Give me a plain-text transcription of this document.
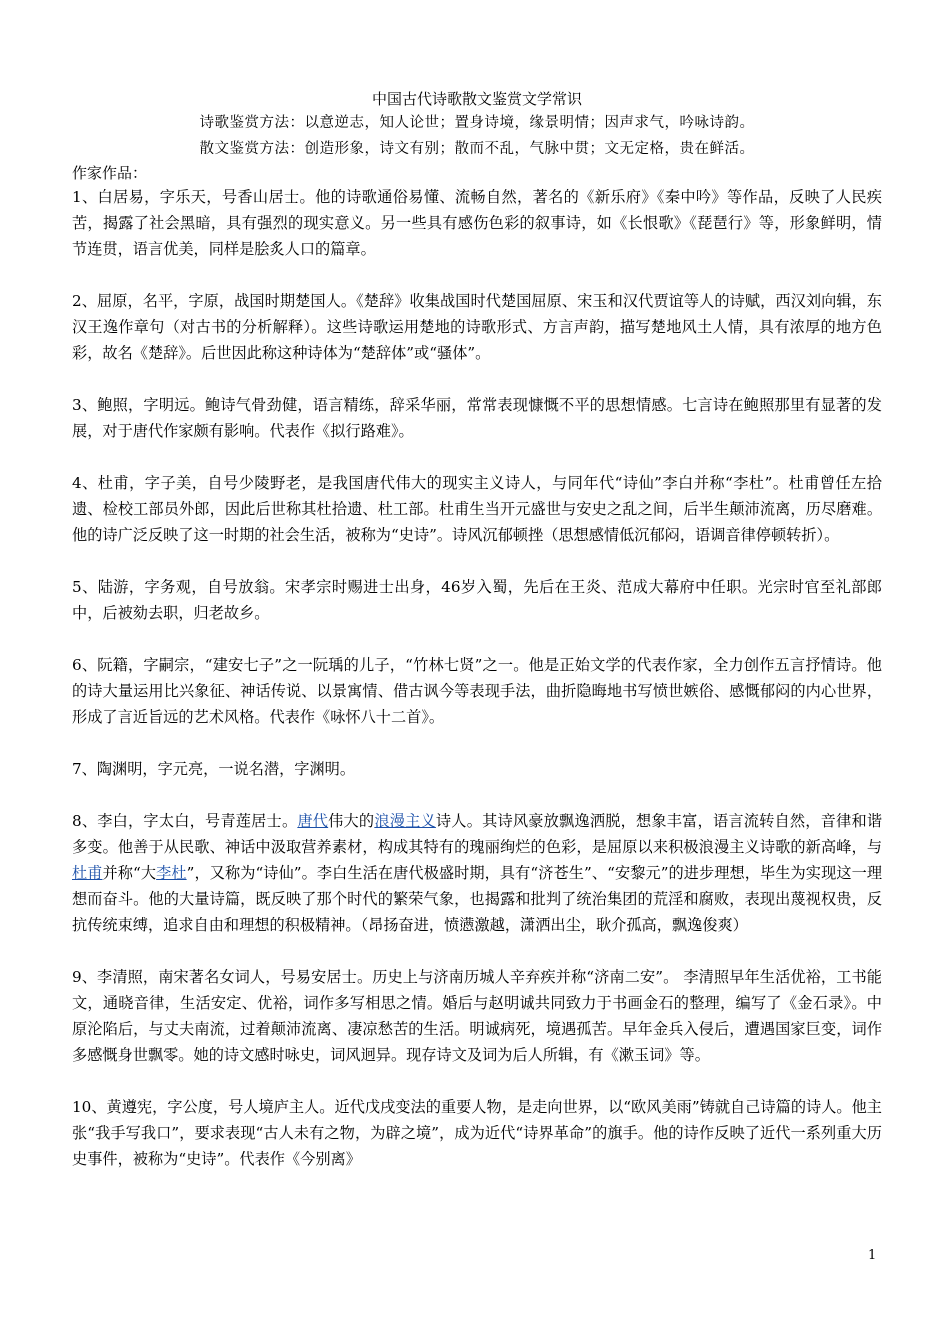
中国古代诗歌散文鉴赏文学常识

诗歌鉴赏方法：以意逆志，知人论世；置身诗境，缘景明情；因声求气，吟咏诗韵。

散文鉴赏方法：创造形象，诗文有别；散而不乱，气脉中贯；文无定格，贵在鲜活。

作家作品：

1、白居易，字乐天，号香山居士。他的诗歌通俗易懂、流畅自然，著名的《新乐府》《秦中吟》等作品，反映了人民疾苦，揭露了社会黑暗，具有强烈的现实意义。另一些具有感伤色彩的叙事诗，如《长恨歌》《琵琶行》等，形象鲜明，情节连贯，语言优美，同样是脍炙人口的篇章。

2、屈原，名平，字原，战国时期楚国人。《楚辞》收集战国时代楚国屈原、宋玉和汉代贾谊等人的诗赋，西汉刘向辑，东汉王逸作章句（对古书的分析解释）。这些诗歌运用楚地的诗歌形式、方言声韵，描写楚地风土人情，具有浓厚的地方色彩，故名《楚辞》。后世因此称这种诗体为“楚辞体”或“骚体”。

3、鲍照，字明远。鲍诗气骨劲健，语言精练，辞采华丽，常常表现慷慨不平的思想情感。七言诗在鲍照那里有显著的发展，对于唐代作家颇有影响。代表作《拟行路难》。

4、杜甫，字子美，自号少陵野老，是我国唐代伟大的现实主义诗人，与同年代“诗仙”李白并称“李杜”。杜甫曾任左拾遗、检校工部员外郎，因此后世称其杜拾遗、杜工部。杜甫生当开元盛世与安史之乱之间，后半生颠沛流离，历尽磨难。他的诗广泛反映了这一时期的社会生活，被称为“史诗”。诗风沉郁顿挫（思想感情低沉郁闷，语调音律停顿转折）。

5、陆游，字务观，自号放翁。宋孝宗时赐进士出身，46岁入蜀，先后在王炎、范成大幕府中任职。光宗时官至礼部郎中，后被劾去职，归老故乡。

6、阮籍，字嗣宗，“建安七子”之一阮瑀的儿子，“竹林七贤”之一。他是正始文学的代表作家，全力创作五言抒情诗。他的诗大量运用比兴象征、神话传说、以景寓情、借古讽今等表现手法，曲折隐晦地书写愤世嫉俗、感慨郁闷的内心世界，形成了言近旨远的艺术风格。代表作《咏怀八十二首》。

7、陶渊明，字元亮，一说名潜，字渊明。

8、李白，字太白，号青莲居士。唐代伟大的浪漫主义诗人。其诗风豪放飘逸洒脱，想象丰富，语言流转自然，音律和谐多变。他善于从民歌、神话中汲取营养素材，构成其特有的瑰丽绚烂的色彩，是屈原以来积极浪漫主义诗歌的新高峰，与杜甫并称“大李杜”，又称为“诗仙”。李白生活在唐代极盛时期，具有“济苍生”、“安黎元”的进步理想，毕生为实现这一理想而奋斗。他的大量诗篇，既反映了那个时代的繁荣气象，也揭露和批判了统治集团的荒淫和腐败，表现出蔑视权贵，反抗传统束缚，追求自由和理想的积极精神。（昂扬奋进，愤懑激越，潇洒出尘，耿介孤高，飘逸俊爽）

9、李清照，南宋著名女词人，号易安居士。历史上与济南历城人辛弃疾并称“济南二安”。 李清照早年生活优裕，工书能文，通晓音律，生活安定、优裕，词作多写相思之情。婚后与赵明诚共同致力于书画金石的整理，编写了《金石录》。中原沦陷后，与丈夫南流，过着颠沛流离、凄凉愁苦的生活。明诚病死，境遇孤苦。早年金兵入侵后，遭遇国家巨变，词作多感慨身世飘零。她的诗文感时咏史，词风迥异。现存诗文及词为后人所辑，有《漱玉词》等。

10、黄遵宪，字公度，号人境庐主人。近代戊戌变法的重要人物，是走向世界，以“欧风美雨”铸就自己诗篇的诗人。他主张“我手写我口”，要求表现“古人未有之物，为辟之境”，成为近代“诗界革命”的旗手。他的诗作反映了近代一系列重大历史事件，被称为“史诗”。代表作《今别离》

1
